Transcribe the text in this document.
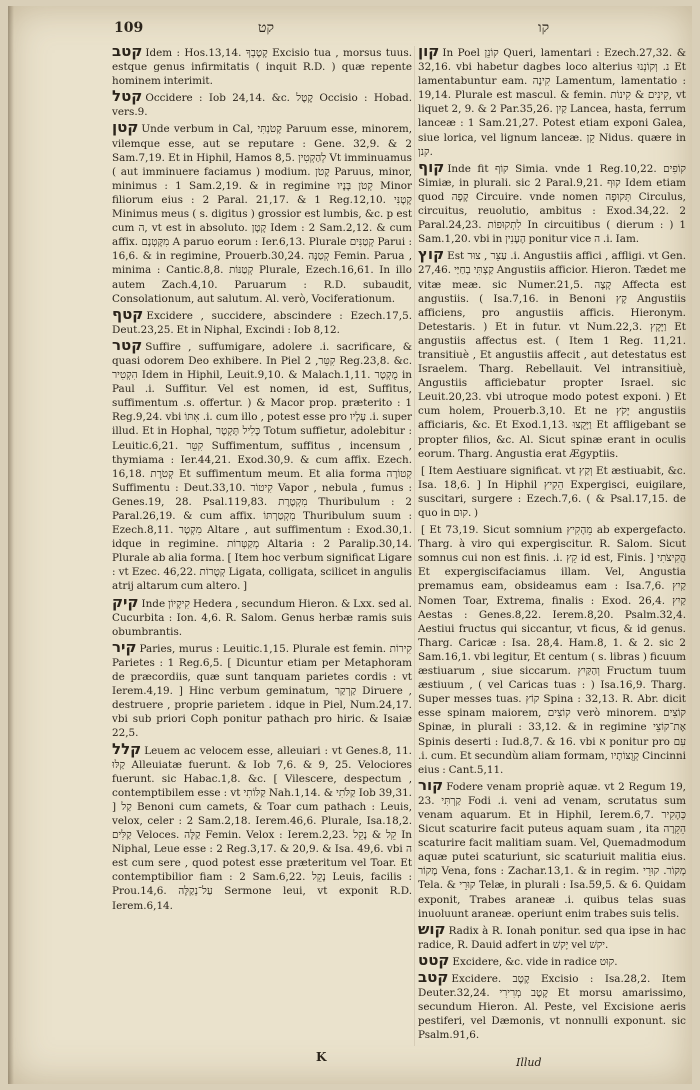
109	קט	קו

קטב Idem : Hos.13,14. קָטָבְךָ Excisio tua , morsus tuus. estque genus infirmitatis ( inquit R.D. ) quæ repente hominem interimit.

קטל Occidere : Iob 24,14. &c. קֶטֶל Occisio : Hobad. vers.9.

קטן Unde verbum in Cal, קָטֹנְתִּי Paruum esse, minorem, vilemque esse, aut se reputare : Gene. 32,9. & 2 Sam.7,19. Et in Hiphil, Hamos 8,5. לְהַקְטִין Vt imminuamus ( aut imminuere faciamus ) modium. קָטֹן Paruus, minor, minimus : 1 Sam.2,19. & in regimine קְטֹן בָּנָיו Minor filiorum eius : 2 Paral. 21,17. & 1 Reg.12,10. קָטָנִּי Minimus meus ( s. digitus ) grossior est lumbis, &c. p est cum ה, vt est in absoluto. קָטָן Idem : 2 Sam.2,12. & cum affix. מִקָּטְנָם A paruo eorum : Ier.6,13. Plurale קְטַנִּים Parui : 16,6. & in regimine, Prouerb.30,24. קְטַנָּה Femin. Parua , minima : Cantic.8,8. קְטַנּוֹת Plurale, Ezech.16,61. In illo autem Zach.4,10. Paruarum : R.D. subaudit, Consolationum, aut salutum. Al. verò, Vociferationum.

קטף Excidere , succidere, abscindere : Ezech.17,5. Deut.23,25. Et in Niphal, Excindi : Iob 8,12.

קטר Suffire , suffumigare, adolere .i. sacrificare, & quasi odorem Deo exhibere. In Piel קִטֵּר, 2 Reg.23,8. &c. הִקְטִיר Idem in Hiphil, Leuit.9,10. & Malach.1,11. מֻקְטָר in Paul .i. Suffitur. Vel est nomen, id est, Suffitus, suffimentum .s. offertur. ) & Macor prop. præterito : 1 Reg.9,24. vbi אִתּוֹ .i. cum illo , potest esse pro עָלָיו .i. super illud. Et in Hophal, כָּלִיל תָּקְטָר Totum suffietur, adolebitur : Leuitic.6,21. קִטֵּר Suffimentum, suffitus , incensum , thymiama : Ier.44,21. Exod.30,9. & cum affix. Ezech. 16,18. קְטֹרֶת Et suffimentum meum. Et alia forma קְטוֹרָה Suffimentu : Deut.33,10. קִיטוֹר Vapor , nebula , fumus : Genes.19, 28. Psal.119,83. מִקְטֶרֶת Thuribulum : 2 Paral.26,19. & cum affix. מִקְטַרְתּוֹ Thuribulum suum : Ezech.8,11. מִקְטָר Altare , aut suffimentum : Exod.30,1. idque in regimine. מְקַטְּרוֹת Altaria : 2 Paralip.30,14. Plurale ab alia forma. [ Item hoc verbum significat Ligare : vt Ezec. 46,22. קְטֻרוֹת Ligata, colligata, scilicet in angulis atrij altarum cum altero. ]

קיק Inde קִיקָיוֹן Hedera , secundum Hieron. & Lxx. sed al. Cucurbita : Ion. 4,6. R. Salom. Genus herbæ ramis suis obumbrantis.

קיר Paries, murus : Leuitic.1,15. Plurale est femin. קִירוֹת Parietes : 1 Reg.6,5. [ Dicuntur etiam per Metaphoram de præcordiis, quæ sunt tanquam parietes cordis : vt Ierem.4,19. ] Hinc verbum geminatum, קַרְקַר Diruere , destruere , proprie parietem . idque in Piel, Num.24,17. vbi sub priori Coph ponitur pathach pro hiric. & Isaiæ 22,5.

קלל Leuem ac velocem esse, alleuiari : vt Genes.8, 11. קַלּוּ Alleuiatæ fuerunt. & Iob 7,6. & 9, 25. Velociores fuerunt. sic Habac.1,8. &c. [ Vilescere, despectum , contemptibilem esse : vt קַלּוֹתִי Nah.1,14. & קַלֹּתִי Iob 39,31. ] קַל Benoni cum camets, & Toar cum pathach : Leuis, velox, celer : 2 Sam.2,18. Ierem.46,6. Plurale, Isa.18,2. קַלִּים Veloces. קַלָּה Femin. Velox : Ierem.2,23. קֵל & נָקֵל In Niphal, Leue esse : 2 Reg.3,17. & 20,9. & Isa. 49,6. vbi ה est cum sere , quod potest esse præteritum vel Toar. Et contemptibilior fiam : 2 Sam.6,22. נָקֵל Leuis, facilis : Prou.14,6. עַל־נְקַלָּה Sermone leui, vt exponit R.D. Ierem.6,14.

קון In Poel קוֹנֵן Queri, lamentari : Ezech.27,32. & 32,16. vbi habetur dagbes loco alterius נ. וְקוֹנְנוּ Et lamentabuntur eam. קִינָה Lamentum, lamentatio : 19,14. Plurale est mascul. & femin. קִינִים & קִינוֹת, vt liquet 2, 9. & 2 Par.35,26. קַיִן Lancea, hasta, ferrum lanceæ : 1 Sam.21,27. Potest etiam exponi Galea, siue lorica, vel lignum lanceæ. קֵן Nidus. quære in קנן.

קוף Inde fit קוֹף Simia. vnde 1 Reg.10,22. קוֹפִים Simiæ, in plurali. sic 2 Paral.9,21. קוּף Idem etiam quod קָפָה Circuire. vnde nomen תְּקוּפָה Circulus, circuitus, reuolutio, ambitus : Exod.34,22. 2 Paral.24,23. לִתְקוּפוֹת In circuitibus ( dierum : ) 1 Sam.1,20. vbi in הֶעָנִין ponitur vice ה .i. Iam.

קוץ Est עַצֵּר , צוּר .i. Angustiis affici , affligi. vt Gen. 27,46. קַצְתִּי בְחַיַּי Angustiis afficior. Hieron. Tædet me vitæ meæ. sic Numer.21,5. קָצָה Affecta est angustiis. ( Isa.7,16. in Benoni קָץ Angustiis afficiens, pro angustiis afficis. Hieronym. Detestaris. ) Et in futur. vt Num.22,3. וַיָּקָץ Et angustiis affectus est. ( Item 1 Reg. 11,21. transitiuè , Et angustiis affecit , aut detestatus est Israelem. Tharg. Rebellauit. Vel intransitiuè, Angustiis afficiebatur propter Israel. sic Leuit.20,23. vbi utroque modo potest exponi. ) Et cum holem, Prouerb.3,10. Et ne יָקֹץ angustiis afficiaris, &c. Et Exod.1,13. וַיָּקֻצוּ Et affligebant se propter filios, &c. Al. Sicut spinæ erant in oculis eorum. Tharg. Angustia erat Ægyptiis.

[ Item Aestiuare significat. vt וְקַץ Et æstiuabit, &c. Isa. 18,6. ] In Hiphil הֵקִיץ Expergisci, euigilare, suscitari, surgere : Ezech.7,6. ( & Psal.17,15. de quo in קוּם. )

[ Et 73,19. Sicut somnium מֵהָקִיץ ab expergefacto. Tharg. à viro qui expergiscitur. R. Salom. Sicut somnus cui non est finis. .i. קֵץ id est, Finis. ] הֲקִיצֹתִי Et expergiscifaciamus illam. Vel, Angustia premamus eam, obsideamus eam : Isa.7,6. קַיִץ Nomen Toar, Extrema, finalis : Exod. 26,4. קַיִץ Aestas : Genes.8,22. Ierem.8,20. Psalm.32,4. Aestiui fructus qui siccantur, vt ficus, & id genus. Tharg. Caricæ : Isa. 28,4. Ham.8, 1. & 2. sic 2 Sam.16,1. vbi legitur, Et centum ( s. libras ) ficuum æstiuarum , siue siccarum. וְהַקַּיִץ Fructum tuum æstiuum , ( vel Caricas tuas : ) Isa.16,9. Tharg. Super messes tuas. קוֹץ Spina : 32,13. R. Abr. dicit esse spinam maiorem, קוֹצִים verò minorem. קוֹצִים Spinæ, in plurali : 33,12. & in regimine אֶת־קוֹצֵי Spinis deserti : Iud.8,7. & 16. vbi א ponitur pro עִם .i. cum. Et secundùm aliam formam, קְוֻצּוֹתָיו Cincinni eius : Cant.5,11.

קור Fodere venam propriè aquæ. vt 2 Regum 19, 23. קַרְתִּי Fodi .i. veni ad venam, scrutatus sum venam aquarum. Et in Hiphil, Ierem.6,7. כְּהָקִיר Sicut scaturire facit puteus aquam suam , ita הֵקֵרָה scaturire facit malitiam suam. Vel, Quemadmodum aquæ putei scaturiunt, sic scaturiuit malitia eius. מָקוֹר Vena, fons : Zachar.13,1. & in regim. מְקוֹר. קוּרֵי Tela. & קוּרֵי Telæ, in plurali : Isa.59,5. & 6. Quidam exponit, Trabes araneæ .i. quibus telas suas inuoluunt araneæ. operiunt enim trabes suis telis.

קוש Radix à R. Ionah ponitur. sed qua ipse in hac radice, R. Dauid adfert in יָקשׁ vel יקשׁ.

קטט Excidere, &c. vide in radice קוּט.

קטב Excidere. קֶטֶב Excisio : Isa.28,2. Item Deuter.32,24. קֶטֶב מְרִירִי Et morsu amarissimo, secundum Hieron. Al. Peste, vel Excisione aeris pestiferi, vel Dæmonis, vt nonnulli exponunt. sic Psalm.91,6.

K	Illud
